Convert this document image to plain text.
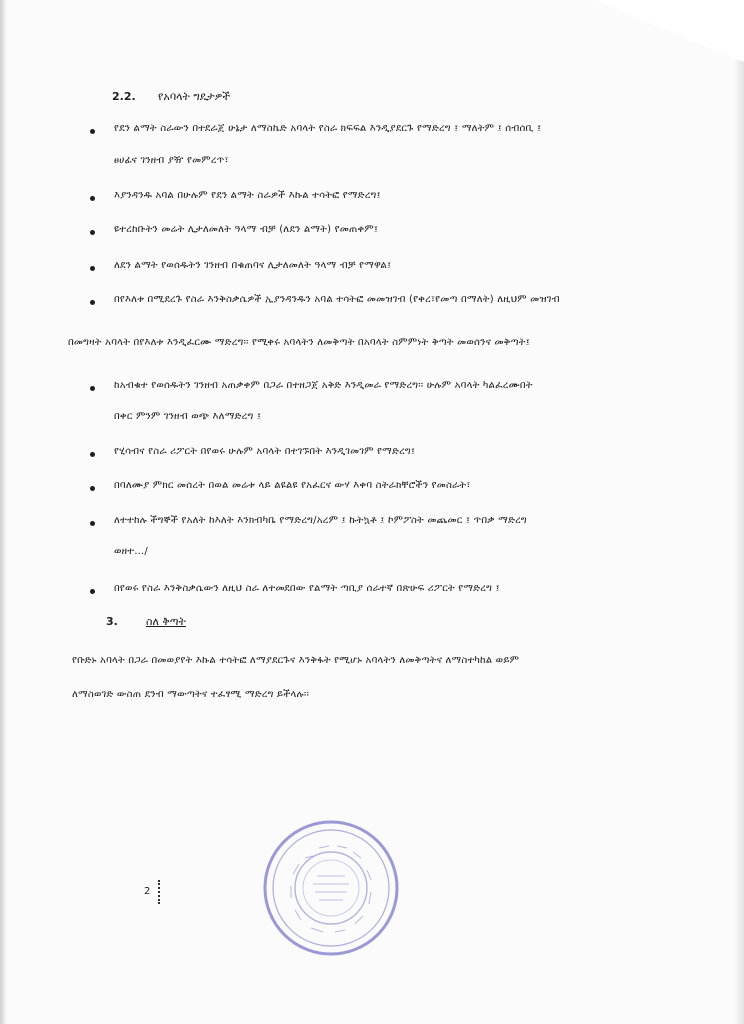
2.2. የአባላት ግዴታዎች
የደን ልማት ስራውን በተደራጀ ሁኔታ ለማስኬድ አባላት የስራ ክፍፍል እንዲያደርጉ የማድረግ ፤ ማለትም ፤ ሰብሰቢ ፤
ፀሀፊና ገንዘብ ያዥ የመምረጥ፣
እያንዳንዱ አባል በሁሉም የደን ልማት ስራዎች እኩል ተሳትፎ የማድረግ፤
ዩተረከቡትን መሬት ሊታለመለት ዓላማ ብቻ (ለደን ልማት) የመጠቀም፤
ለደን ልማት የወሰዱትን ገንዘብ በቁጠባና ሊታለመለት ዓላማ ብቻ የማዋል፤
በየእለቱ በሚደረጉ የስራ እንቅስቃሴዎች ኢያንዳንዱን አባል ተሳትፎ መመዝገብ (የቀረ፣የመጣ በማለት) ለዚህም መዝገብ
በመግዛት አባላት በየእለቱ እንዲፈርሙ ማድረግ፡፡ የሚቀሩ አባላትን ለመቅጣት በአባላት ስምምነት ቅጣት መወሰንና መቅጣት፤
ከአብቁተ የወሰዱትን ገንዘብ አጠቃቀም በጋራ በተዘጋጀ አቅድ እንዲመራ የማድረግ፡፡ ሁሉም አባላት ካልፈረሙበት
በቀር ምንም ገንዘብ ወጭ እለማድረግ ፤
የሂሳብና የስራ ሪፖርት በየወሩ ሁሉም አባላት በተገኙበት እንዲገመገም የማድረግ፤
በባለሙያ ምክር መሰረት በወል መሬቱ ላይ ልዩልዩ የአፈርና ውሃ እቀባ ስትራክቸሮችን የመስራት፣
ለተተከሉ ችግኞች የአለት ከእለት እንክብካቤ የማድረግ/አረም ፤ ኩትኳቶ ፤ ኮምፖስት መጨመር ፤ ጥበቃ ማድረግ
ወዘተ…/
በየወሩ የስራ እንቅስቃሴውን ለዚህ ስራ ለተመደበው የልማት ጣቢያ ሰራተኛ በጽሁፍ ሪፖርት የማድረግ ፤
3.	ስለ ቅጣት
የቡድኑ አባላት በጋራ በመወያየት እኩል ተሳትፎ ለማያደርጉና እንቅፋት የሚሆኑ አባላትን ለመቅጣትና ለማስተካከል ወይም
ለማስወገድ ውስጠ ደንብ ማውጣትና ተፈፃሚ ማድረግ ይችላሉ፡፡
2
